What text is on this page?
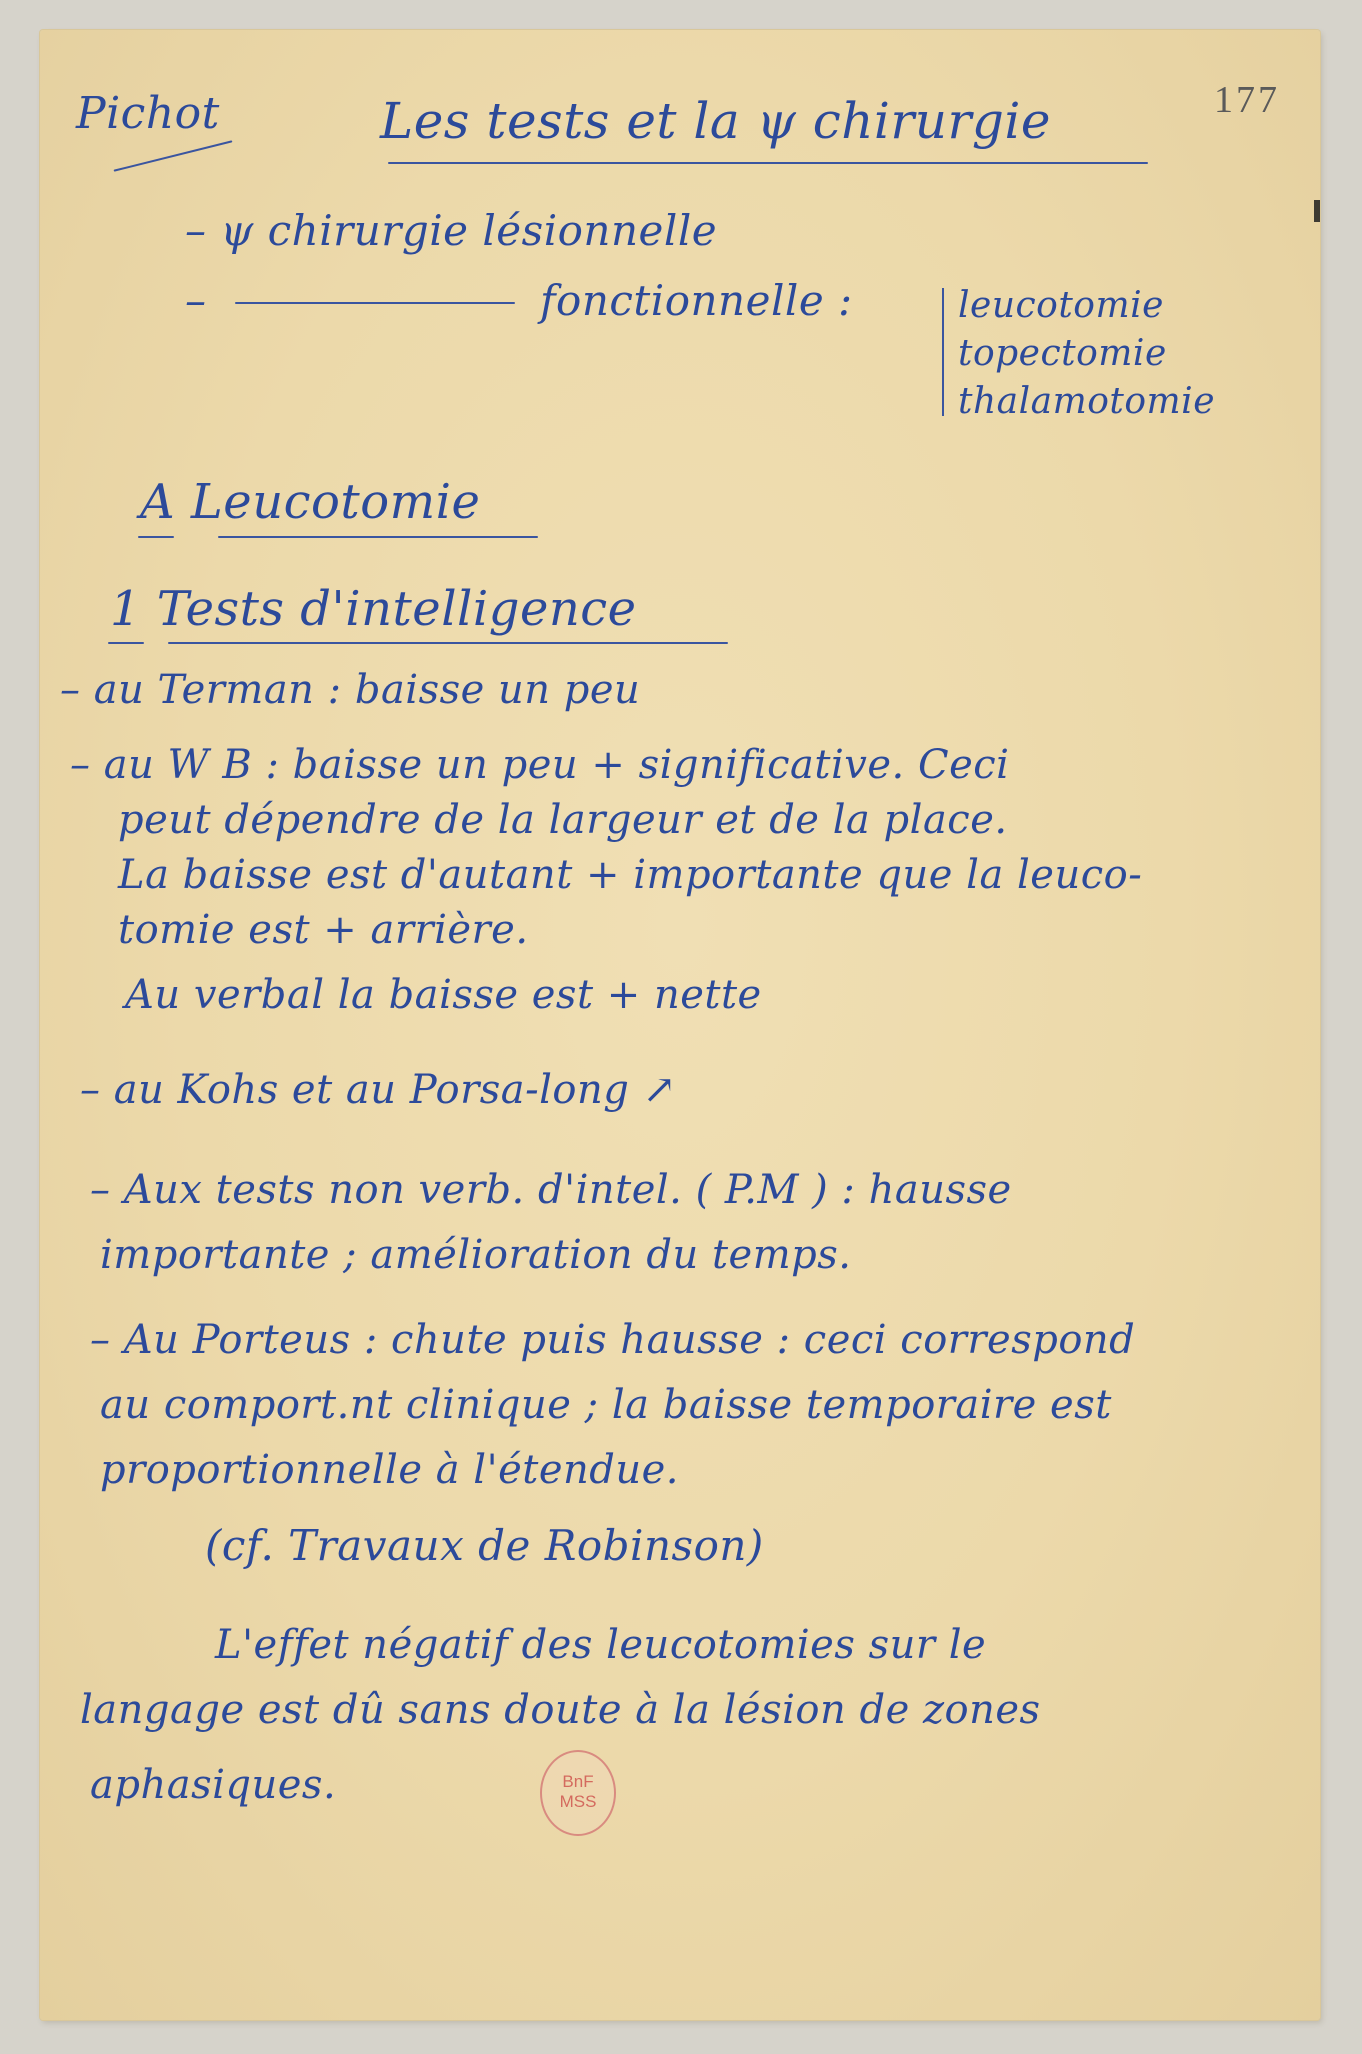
177
Pichot	Les tests et la ψ chirurgie
– ψ chirurgie lésionnelle
–	fonctionnelle :	leucotomie
topectomie
thalamotomie
A Leucotomie
1 Tests d'intelligence
– au Terman : baisse un peu
– au W B : baisse un peu + significative. Ceci
peut dépendre de la largeur et de la place.
La baisse est d'autant + importante que la leuco-
tomie est + arrière.
Au verbal la baisse est + nette
– au Kohs et au Porsa-long ↗
– Aux tests non verb. d'intel. ( P.M ) : hausse
importante ; amélioration du temps.
– Au Porteus : chute puis hausse : ceci correspond
au comport.nt clinique ; la baisse temporaire est
proportionnelle à l'étendue.
(cf. Travaux de Robinson)
L'effet négatif des leucotomies sur le
langage est dû sans doute à la lésion de zones
aphasiques.	BnF
MSS
